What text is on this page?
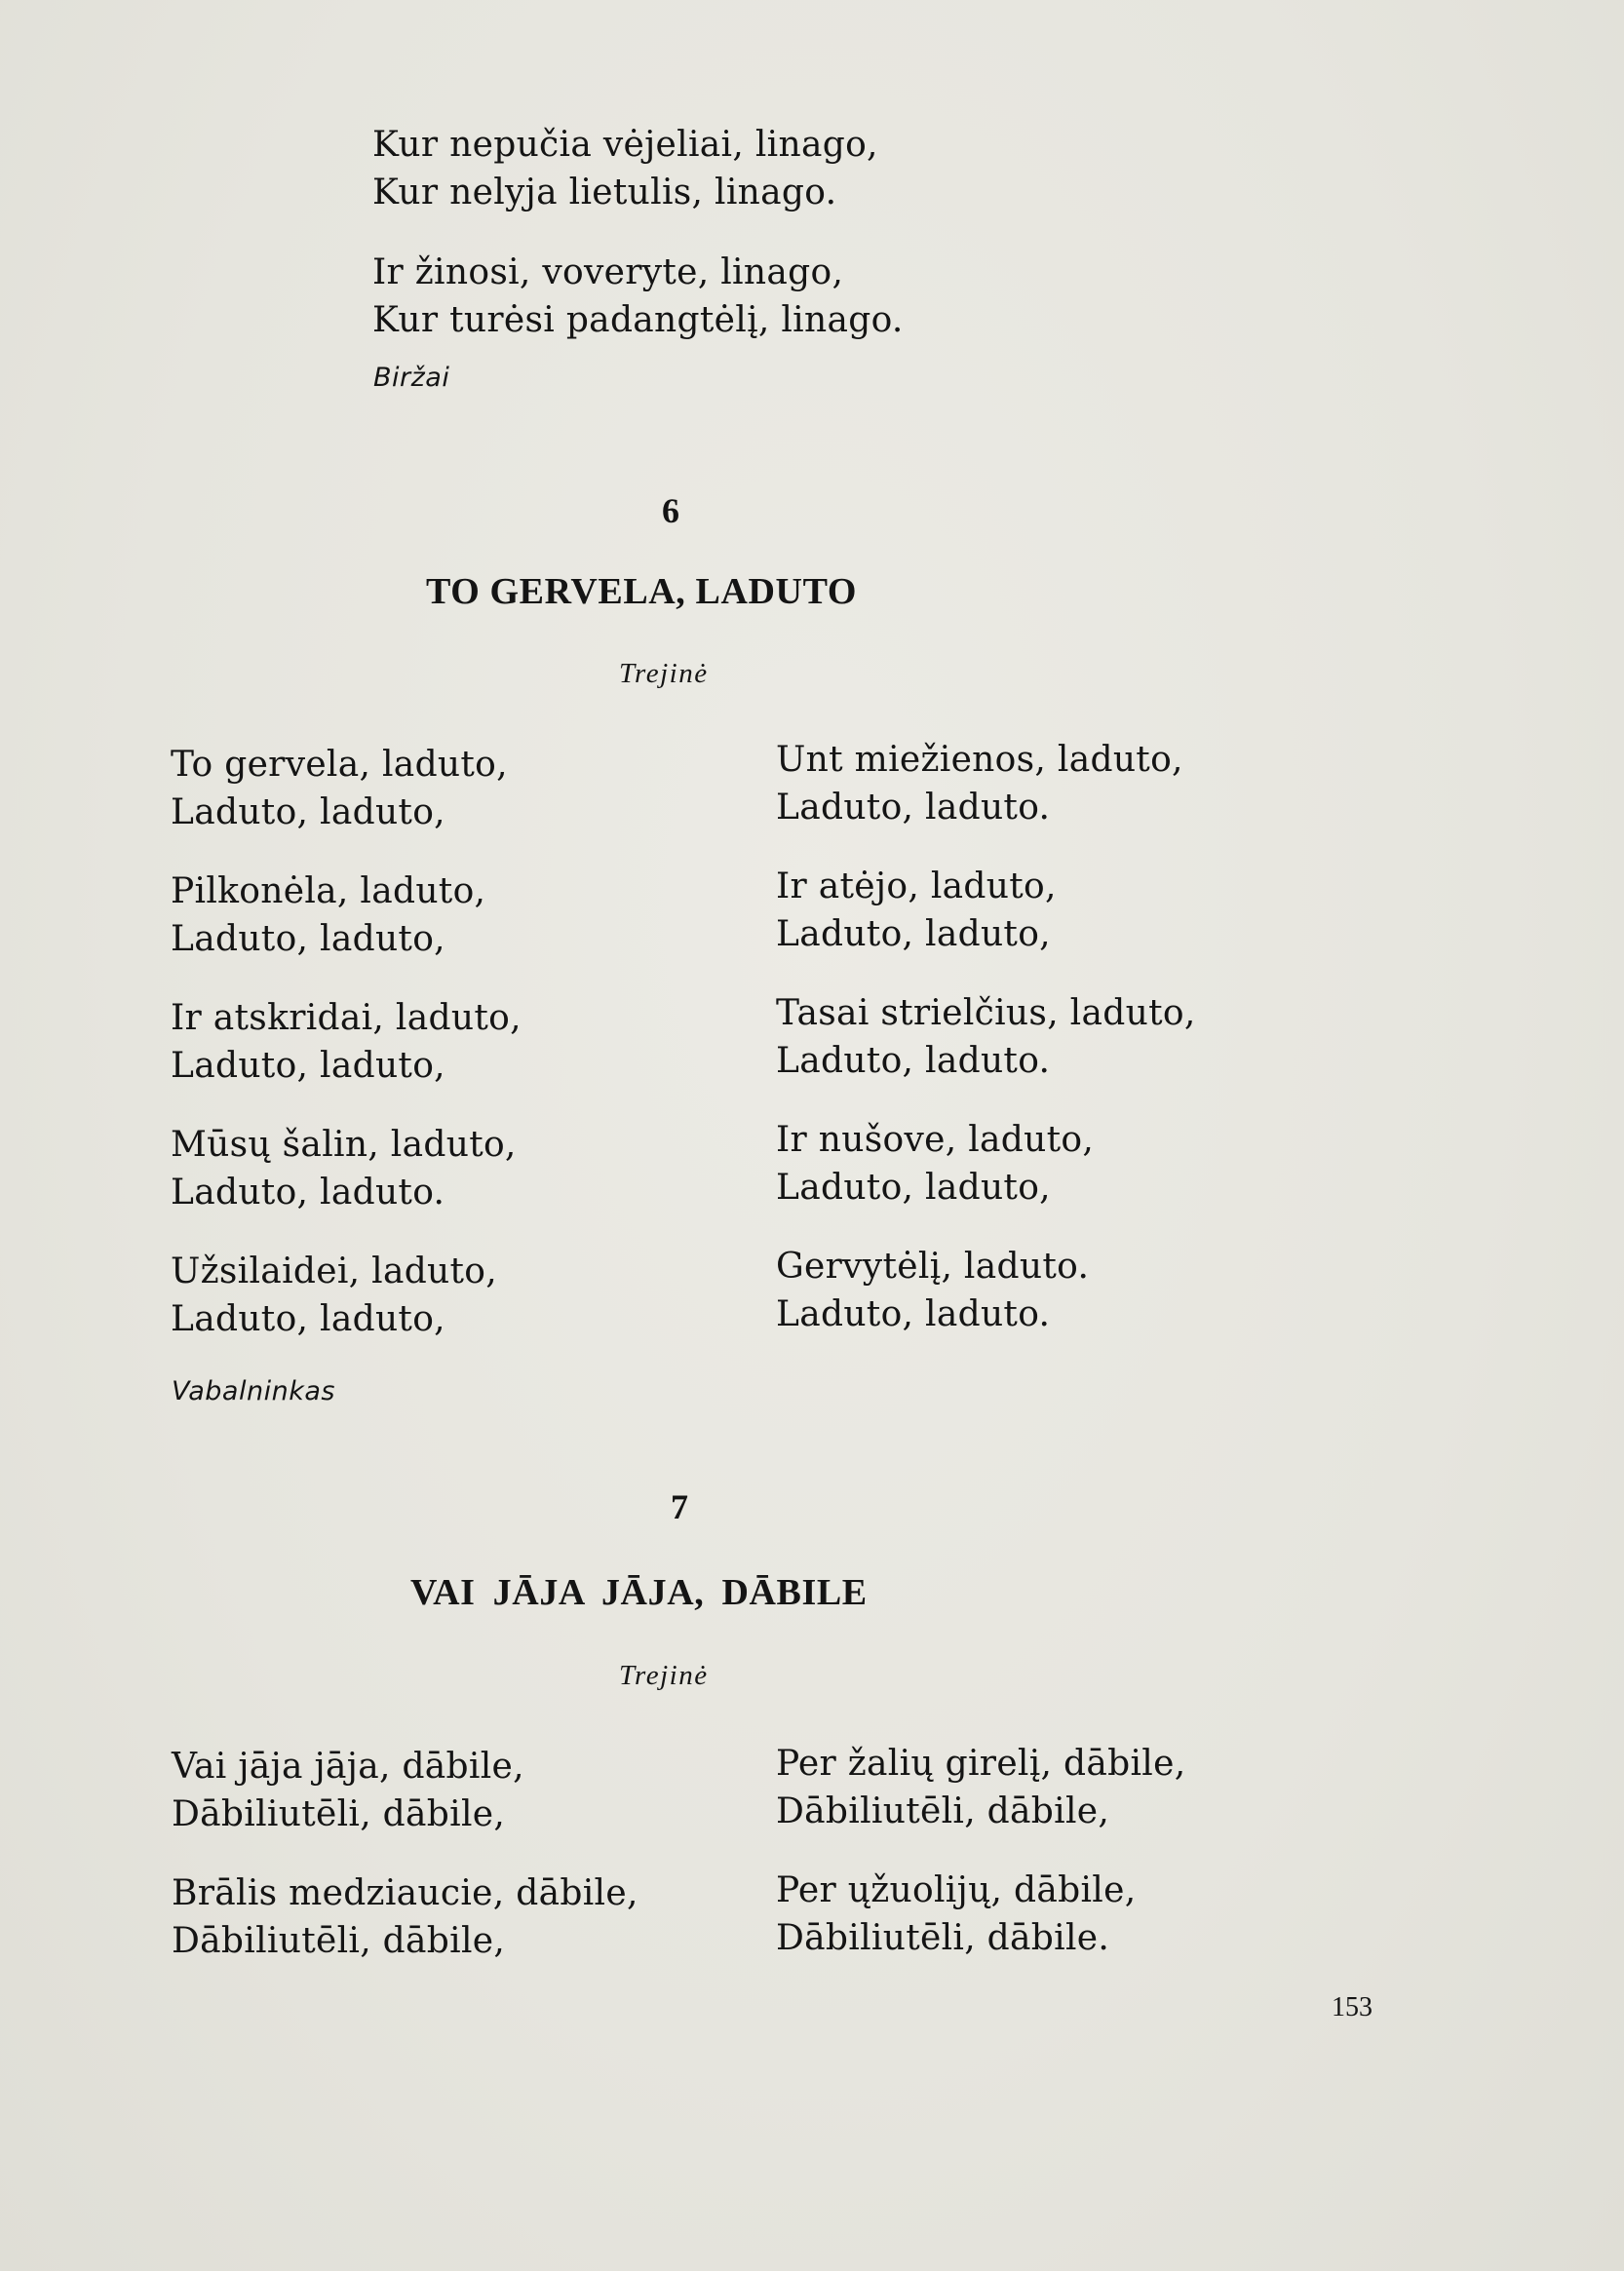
Kur nepučia vėjeliai, linago,
Kur nelyja lietulis, linago.
Ir žinosi, voveryte, linago,
Kur turėsi padangtėlį, linago.
Biržai
6
TO GERVELA, LADUTO
Trejinė
To gervela, laduto,
Laduto, laduto,
Pilkonėla, laduto,
Laduto, laduto,
Ir atskridai, laduto,
Laduto, laduto,
Mūsų šalin, laduto,
Laduto, laduto.
Užsilaidei, laduto,
Laduto, laduto,
Unt miežienos, laduto,
Laduto, laduto.
Ir atėjo, laduto,
Laduto, laduto,
Tasai strielčius, laduto,
Laduto, laduto.
Ir nušove, laduto,
Laduto, laduto,
Gervytėlį, laduto.
Laduto, laduto.
Vabalninkas
7
VAI JĀJA JĀJA, DĀBILE
Trejinė
Vai jāja jāja, dābile,
Dābiliutēli, dābile,
Brālis medziaucie, dābile,
Dābiliutēli, dābile,
Per žalių girelį, dābile,
Dābiliutēli, dābile,
Per ųžuolijų, dābile,
Dābiliutēli, dābile.
153
